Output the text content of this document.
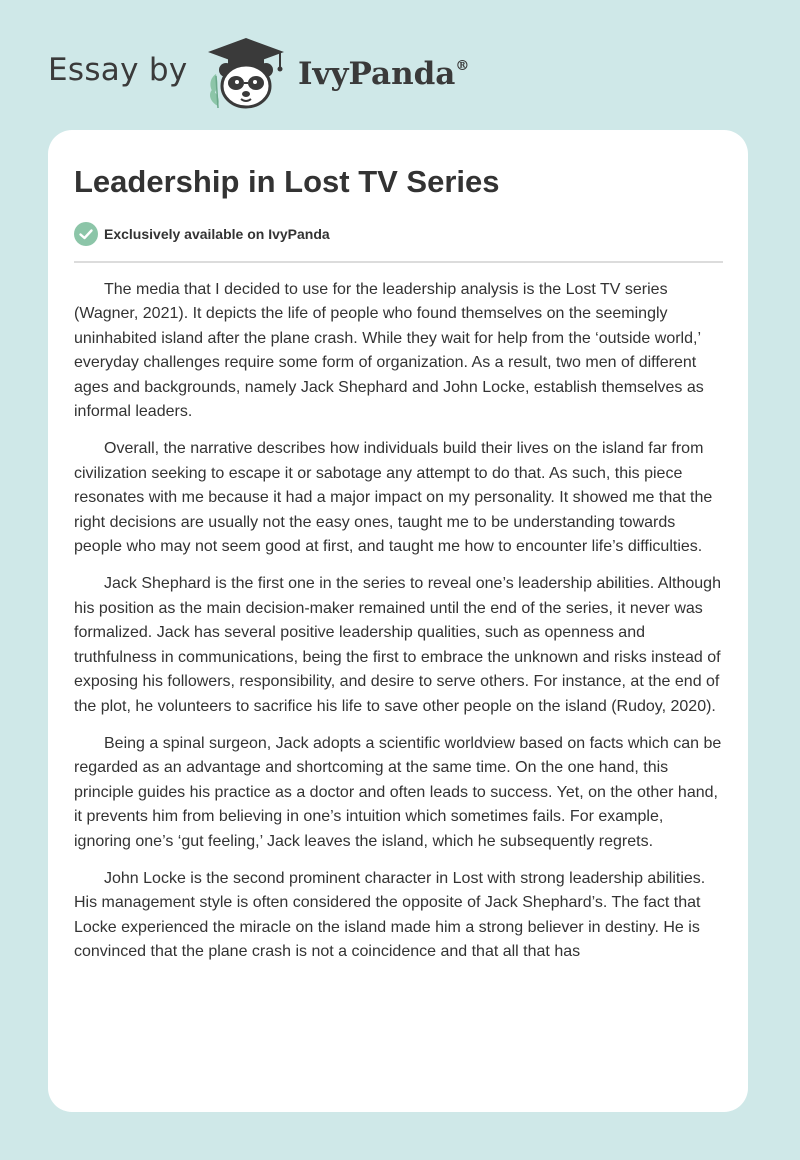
Essay by	IvyPanda®
Leadership in Lost TV Series
Exclusively available on IvyPanda

The media that I decided to use for the leadership analysis is the Lost TV series (Wagner, 2021). It depicts the life of people who found themselves on the seemingly uninhabited island after the plane crash. While they wait for help from the ‘outside world,’ everyday challenges require some form of organization. As a result, two men of different ages and backgrounds, namely Jack Shephard and John Locke, establish themselves as informal leaders.

Overall, the narrative describes how individuals build their lives on the island far from civilization seeking to escape it or sabotage any attempt to do that. As such, this piece resonates with me because it had a major impact on my personality. It showed me that the right decisions are usually not the easy ones, taught me to be understanding towards people who may not seem good at first, and taught me how to encounter life’s difficulties.

Jack Shephard is the first one in the series to reveal one’s leadership abilities. Although his position as the main decision-maker remained until the end of the series, it never was formalized. Jack has several positive leadership qualities, such as openness and truthfulness in communications, being the first to embrace the unknown and risks instead of exposing his followers, responsibility, and desire to serve others. For instance, at the end of the plot, he volunteers to sacrifice his life to save other people on the island (Rudoy, 2020).

Being a spinal surgeon, Jack adopts a scientific worldview based on facts which can be regarded as an advantage and shortcoming at the same time. On the one hand, this principle guides his practice as a doctor and often leads to success. Yet, on the other hand, it prevents him from believing in one’s intuition which sometimes fails. For example, ignoring one’s ‘gut feeling,’ Jack leaves the island, which he subsequently regrets.

John Locke is the second prominent character in Lost with strong leadership abilities. His management style is often considered the opposite of Jack Shephard’s. The fact that Locke experienced the miracle on the island made him a strong believer in destiny. He is convinced that the plane crash is not a coincidence and that all that has
